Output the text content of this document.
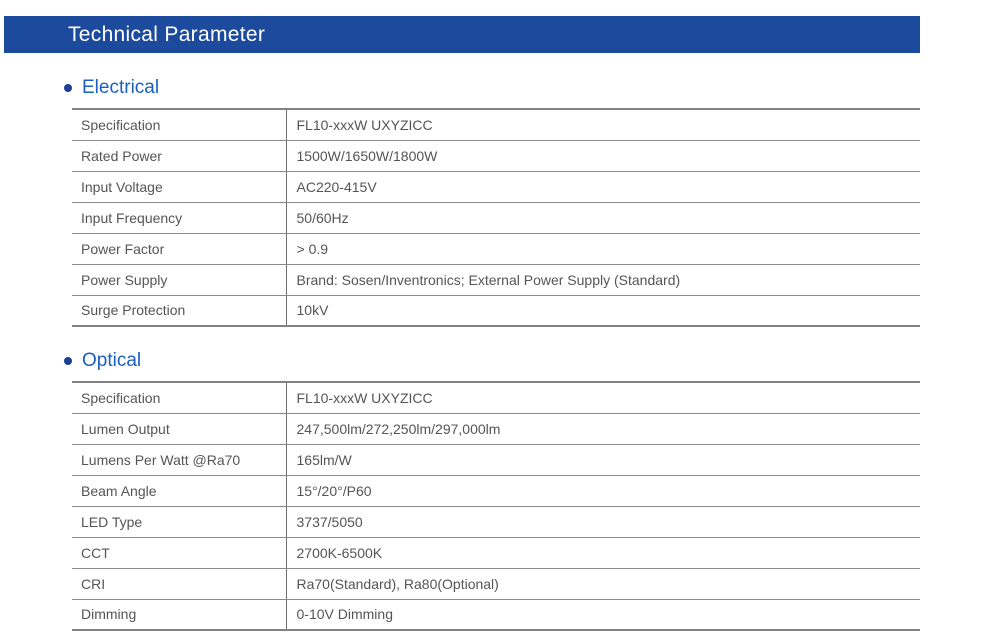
Technical Parameter
Electrical
Specification	FL10-xxxW UXYZICC
Rated Power	1500W/1650W/1800W
Input Voltage	AC220-415V
Input Frequency	50/60Hz
Power Factor	> 0.9
Power Supply	Brand: Sosen/Inventronics; External Power Supply (Standard)
Surge Protection	10kV
Optical
Specification	FL10-xxxW UXYZICC
Lumen Output	247,500lm/272,250lm/297,000lm
Lumens Per Watt @Ra70	165lm/W
Beam Angle	15°/20°/P60
LED Type	3737/5050
CCT	2700K-6500K
CRI	Ra70(Standard), Ra80(Optional)
Dimming	0-10V Dimming
